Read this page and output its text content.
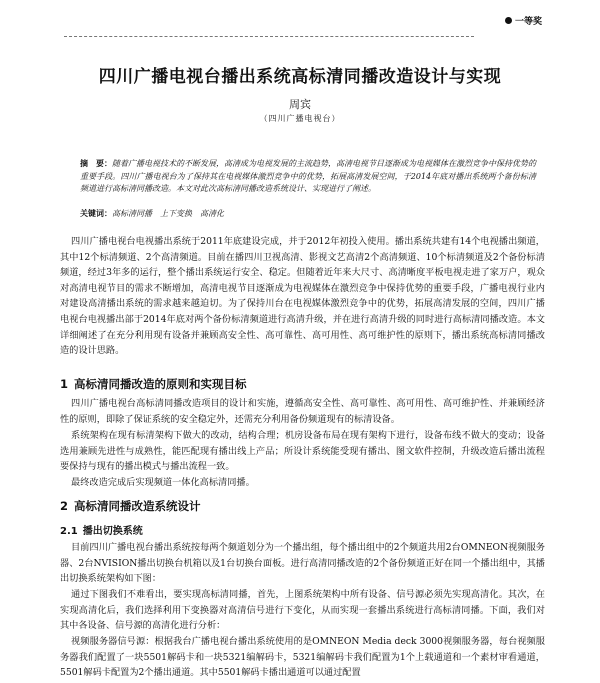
一等奖
四川广播电视台播出系统高标清同播改造设计与实现
周宾
（四川广播电视台）
摘　要：随着广播电视技术的不断发展，高清成为电视发展的主流趋势，高清电视节目逐渐成为电视媒体在激烈竞争中保持优势的重要手段。四川广播电视台为了保持其在电视媒体激烈竞争中的优势，拓展高清发展空间，于2014年底对播出系统两个备份标清频道进行高标清同播改造。本文对此次高标清同播改造系统设计、实现进行了阐述。
关键词：高标清同播　上下变换　高清化
四川广播电视台电视播出系统于2011年底建设完成，并于2012年初投入使用。播出系统共建有14个电视播出频道，其中12个标清频道、2个高清频道。目前在播四川卫视高清、影视文艺高清2个高清频道、10个标清频道及2个备份标清频道，经过3年多的运行，整个播出系统运行安全、稳定。但随着近年来大尺寸、高清晰度平板电视走进了家万户，观众对高清电视节目的需求不断增加，高清电视节目逐渐成为电视媒体在激烈竞争中保持优势的重要手段，广播电视行业内对建设高清播出系统的需求越来越迫切。为了保持川台在电视媒体激烈竞争中的优势，拓展高清发展的空间，四川广播电视台电视播出部于2014年底对两个备份标清频道进行高清升级，并在进行高清升级的同时进行高标清同播改造。本文详细阐述了在充分利用现有设备并兼顾高安全性、高可靠性、高可用性、高可维护性的原则下，播出系统高标清同播改造的设计思路。
1 高标清同播改造的原则和实现目标
四川广播电视台高标清同播改造项目的设计和实施，遵循高安全性、高可靠性、高可用性、高可维护性、并兼顾经济性的原则，即除了保证系统的安全稳定外，还需充分利用备份频道现有的标清设备。
系统架构在现有标清架构下做大的改动，结构合理；机房设备布局在现有架构下进行，设备布线不做大的变动；设备选用兼顾先进性与成熟性，能匹配现有播出线上产品；所设计系统能受现有播出、图文软件控制，升级改造后播出流程要保持与现有的播出模式与播出流程一致。
最终改造完成后实现频道一体化高标清同播。
2 高标清同播改造系统设计
2.1 播出切换系统
目前四川广播电视台播出系统按每两个频道划分为一个播出组，每个播出组中的2个频道共用2台OMNEON视频服务器、2台NVISION播出切换台机箱以及1台切换台面板。进行高清同播改造的2个备份频道正好在同一个播出组中，其播出切换系统架构如下图：
通过下图我们不难看出，要实现高标清同播，首先，上图系统架构中所有设备、信号源必须先实现高清化。其次，在实现高清化后，我们选择利用下变换器对高清信号进行下变化，从而实现一套播出系统进行高标清同播。下面，我们对其中各设备、信号源的高清化进行分析：
视频服务器信号源：根据我台广播电视台播出系统使用的是OMNEON Media deck 3000视频服务器，每台视频服务器我们配置了一块5501解码卡和一块5321编解码卡，5321编解码卡我们配置为1个上载通道和一个素材审看通道，5501解码卡配置为2个播出通道。其中5501解码卡播出通道可以通过配置
